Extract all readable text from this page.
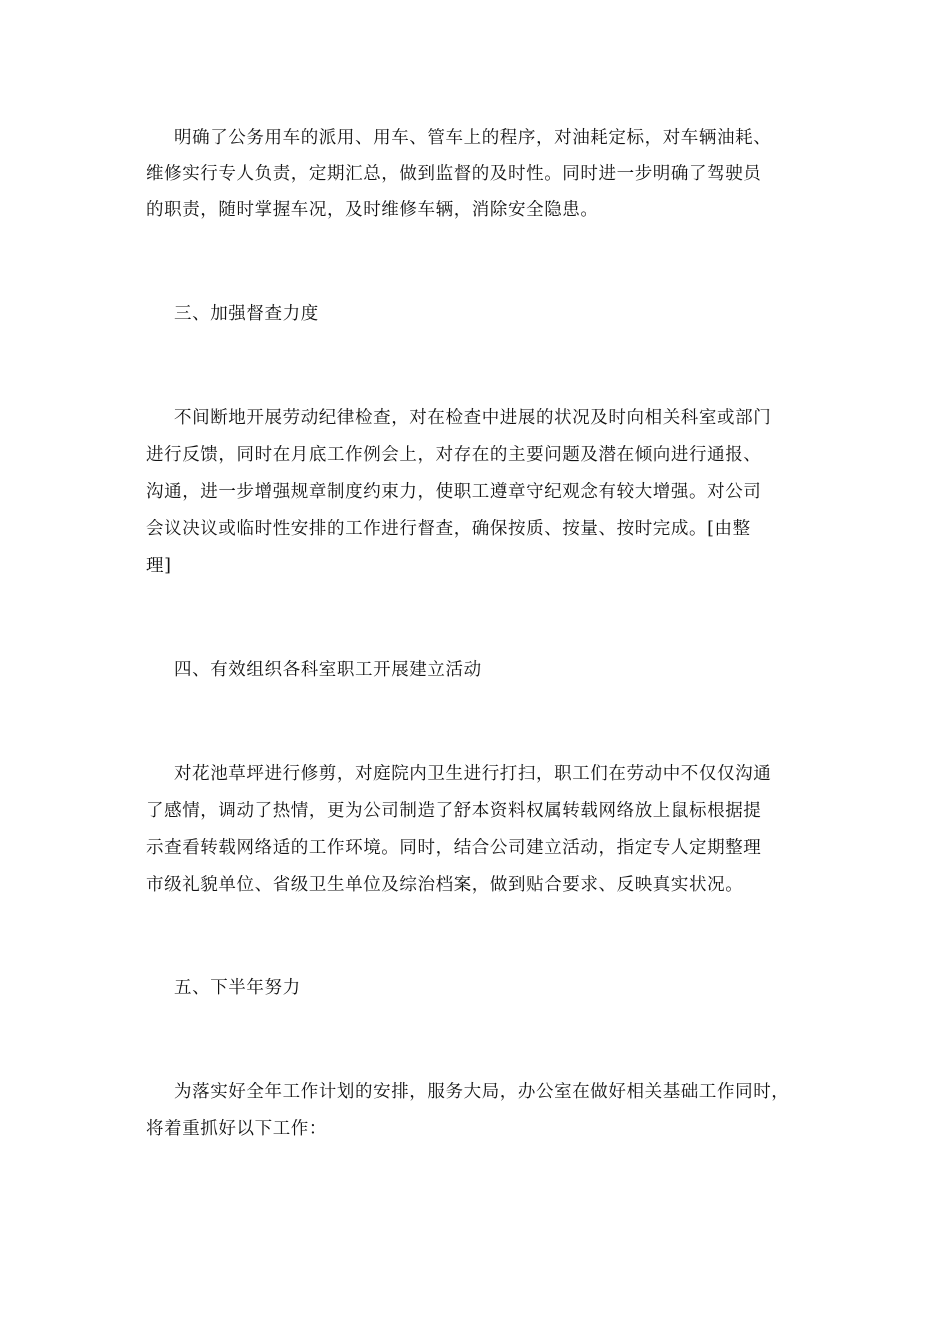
明确了公务用车的派用、用车、管车上的程序，对油耗定标，对车辆油耗、
维修实行专人负责，定期汇总，做到监督的及时性。同时进一步明确了驾驶员
的职责，随时掌握车况，及时维修车辆，消除安全隐患。
三、加强督查力度
不间断地开展劳动纪律检查，对在检查中进展的状况及时向相关科室或部门
进行反馈，同时在月底工作例会上，对存在的主要问题及潜在倾向进行通报、
沟通，进一步增强规章制度约束力，使职工遵章守纪观念有较大增强。对公司
会议决议或临时性安排的工作进行督查，确保按质、按量、按时完成。[由整
理]
四、有效组织各科室职工开展建立活动
对花池草坪进行修剪，对庭院内卫生进行打扫，职工们在劳动中不仅仅沟通
了感情，调动了热情，更为公司制造了舒本资料权属转载网络放上鼠标根据提
示查看转载网络适的工作环境。同时，结合公司建立活动，指定专人定期整理
市级礼貌单位、省级卫生单位及综治档案，做到贴合要求、反映真实状况。
五、下半年努力
为落实好全年工作计划的安排，服务大局，办公室在做好相关基础工作同时，
将着重抓好以下工作：
